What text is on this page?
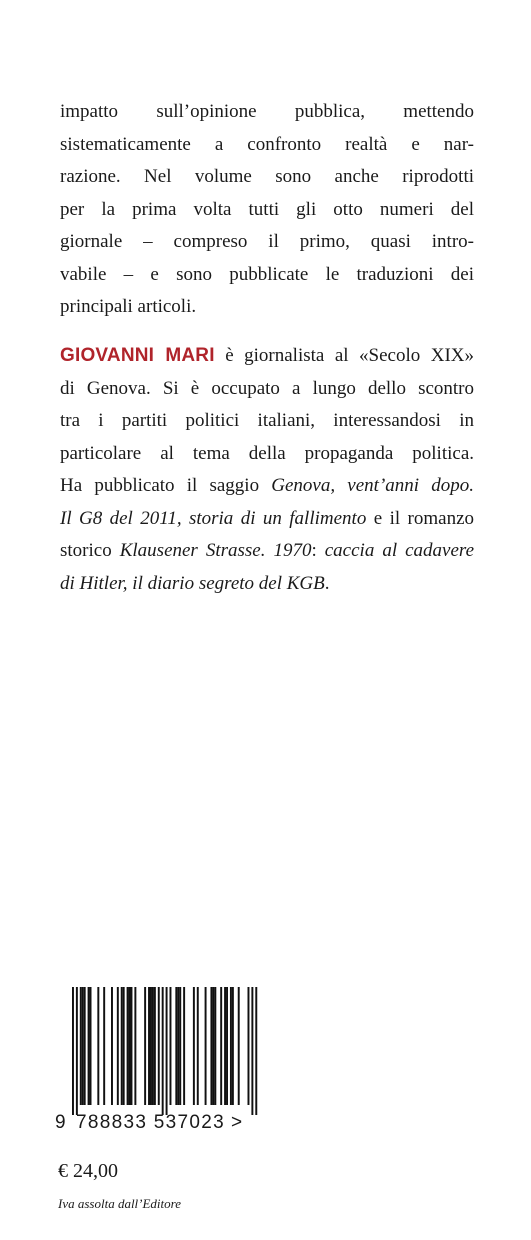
impatto sull’opinione pubblica, mettendo
sistematicamente a confronto realtà e nar-
razione. Nel volume sono anche riprodotti
per la prima volta tutti gli otto numeri del
giornale – compreso il primo, quasi intro-
vabile – e sono pubblicate le traduzioni dei
principali articoli.
GIOVANNI MARI è giornalista al «Secolo XIX»
di Genova. Si è occupato a lungo dello scontro
tra i partiti politici italiani, interessandosi in
particolare al tema della propaganda politica.
Ha pubblicato il saggio Genova, vent’anni dopo.
Il G8 del 2011, storia di un fallimento e il romanzo
storico Klausener Strasse. 1970: caccia al cadavere
di Hitler, il diario segreto del KGB.
9 788833 537023 >
€ 24,00
Iva assolta dall’Editore
